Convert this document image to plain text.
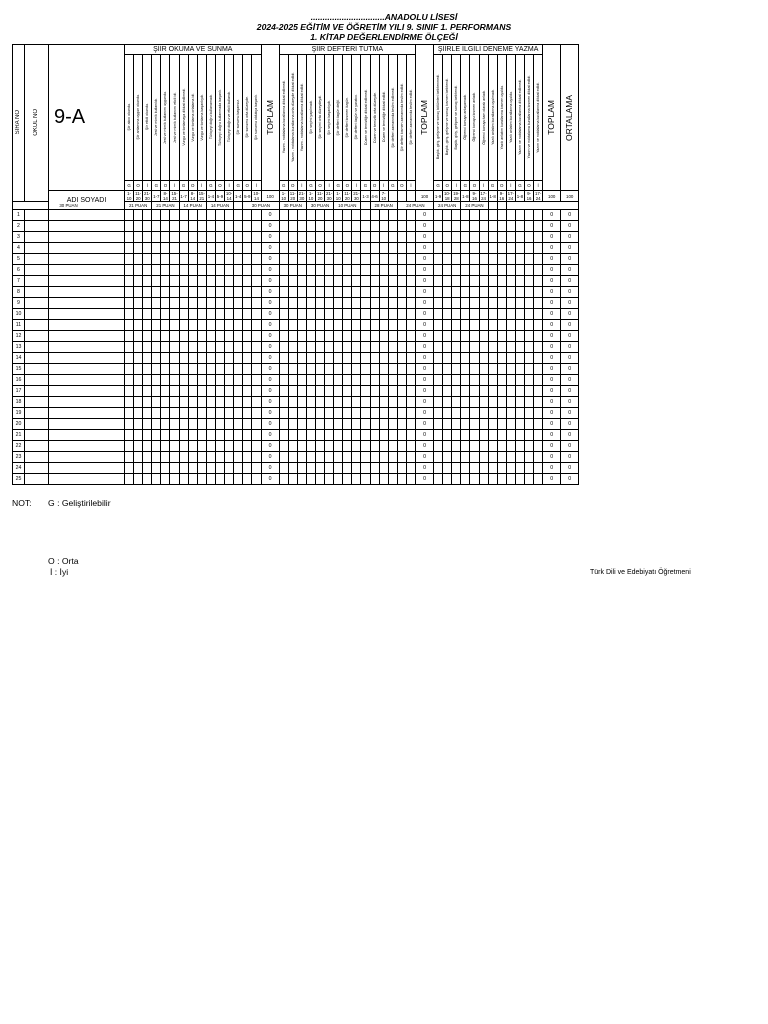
...............................ANADOLU LİSESİ
2024-2025 EĞİTİM VE ÖĞRETİM YILI 9. SINIF 1. PERFORMANS
1. KİTAP DEĞERLENDİRME ÖLÇEĞİ
SIRA NO	OKUL NO	9-A	ŞİİR OKUMA VE SUNMA															TOPLAM	ŞİİR DEFTERİ TUTMA															TOPLAM	ŞİİRLE İLGİLİ DENEME YAZMA												TOPLAM	ORTALAMA
			Şiir akıcı okundu.	Şiir anlamına uygun okundu.	Şiir etkili okundu.	Jest ve mimik kullanıldı.	Jest ve mimik kullanımı uygundu.	Jest ve mimik kullanımı etkili idi.	Vurgu ve tonlamaya dikkat edilmedi.	Vurgu ve tonlama ortalama idi.	Vurgu ve tonlama başarılıydı.	Türkçeyi doğru kullanamadı.	Türkçeyi doğru kullanmada başarılı.	Türkçeyi doğru ve etkili kullandı.	Şiir sunumu başarısız.	Şiir sunumu orta düzeyde.	Şiir sunumu oldukça başarılı.		Yazım - noktalama kurallarına dikkat edilmedi.	Yazım - noktalama kurallarına orta düzeyde dikkat edildi.	Yazım - noktalama kurallarına dikkat edildi.	Şiir seçimi yapılmadı.	Şiir seçimi orta düzeydeydi.	Şiir seçimi başarılıydı.	Şiir defteri özgün değil.	Şiir defteri kısmen özgün.	Şiir defteri özgün ve yaratıcı.	Düzen ve temizliğe dikkat edilmedi.	Düzen ve temizlik orta düzeyde.	Düzen ve temizliğe dikkat edildi.	Şiir defteri zamanında teslim edilmedi.	Şiir defteri kısmen zamanında teslim edildi.	Şiir defteri zamanında teslim edildi.		Başlık, giriş, gelişme ve sonuç bölümleri belirlenmedi.	Başlık, giriş, gelişme ve sonuç kısmen belirlendi.	Başlık, giriş, gelişme ve sonuç belirlendi.	Öğrenci konuyu anlayamadı.	Öğrenci konuyu kısmen anladı.	Öğrenci konuyu tam olarak anladı.	Yazılı anlatım kurallarına uyulmadı.	Yazılı anlatım kurallarına kısmen uyuldu.	Yazılı anlatım kurallarına uyuldu.	Yazım ve noktalama kurallarına dikkat edilmedi.	Yazım ve noktalama kurallarına kısmen dikkat edildi.	Yazım ve noktalama kurallarına dikkat edildi.		
			G	O	İ	G	O	İ	G	O	İ	G	O	İ	G	O	İ		G	O	İ	G	O	İ	G	O	İ	G	O	İ	G	O	İ		G	O	İ	G	O	İ	G	O	İ	G	O	İ		
		ADI SOYADI	1-10	11-20	21-30	1-7	8-14	15-21	1-7	8-14	15-21	1-4	5-9	10-14	1-4	5-9	10-14	100	1-10	11-20	21-30	1-10	11-20	21-30	1-10	11-20	21-30	1-3	4-6	7-10				100	1-9	10-18	19-28	1-8	9-16	17-24	1-8	9-16	17-24	1-8	9-16	17-24	100	100
30 PUAN			21 PUAN			21 PUAN			14 PUAN			14 PUAN				30 PUAN			30 PUAN			30 PUAN			10 PUAN				28 PUAN			24 PUAN			24 PUAN			24 PUAN										
1																		0																0													0	0
2																		0																0													0	0
3																		0																0													0	0
4																		0																0													0	0
5																		0																0													0	0
6																		0																0													0	0
7																		0																0													0	0
8																		0																0													0	0
9																		0																0													0	0
10																		0																0													0	0
11																		0																0													0	0
12																		0																0													0	0
13																		0																0													0	0
14																		0																0													0	0
15																		0																0													0	0
16																		0																0													0	0
17																		0																0													0	0
18																		0																0													0	0
19																		0																0													0	0
20																		0																0													0	0
21																		0																0													0	0
22																		0																0													0	0
23																		0																0													0	0
24																		0																0													0	0
25																		0																0													0	0
NOT: G : Geliştirilebilir
O : Orta
İ : İyi	Türk Dili ve Edebiyatı Öğretmeni
